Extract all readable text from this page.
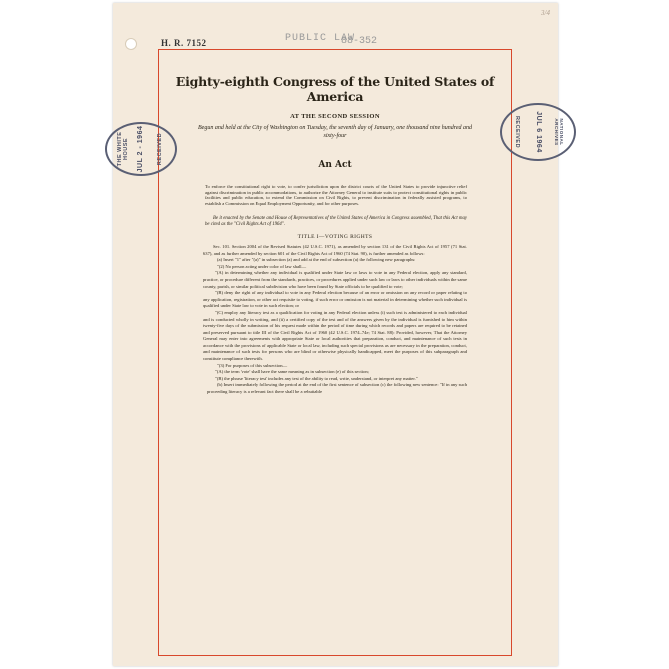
H. R. 7152	PUBLIC LAW
88-352
3/4
Eighty-eighth Congress of the United States of America
AT THE SECOND SESSION
Begun and held at the City of Washington on Tuesday, the seventh day of January, one thousand nine hundred and sixty-four
An Act
To enforce the constitutional right to vote, to confer jurisdiction upon the district courts of the United States to provide injunctive relief against discrimination in public accommodations, to authorize the Attorney General to institute suits to protect constitutional rights in public facilities and public education, to extend the Commission on Civil Rights, to prevent discrimination in federally assisted programs, to establish a Commission on Equal Employment Opportunity, and for other purposes.
Be it enacted by the Senate and House of Representatives of the United States of America in Congress assembled, That this Act may be cited as the "Civil Rights Act of 1964".
TITLE I—VOTING RIGHTS

Sec. 101. Section 2004 of the Revised Statutes (42 U.S.C. 1971), as amended by section 131 of the Civil Rights Act of 1957 (71 Stat. 637), and as further amended by section 601 of the Civil Rights Act of 1960 (74 Stat. 90), is further amended as follows:

(a) Insert "1" after "(a)" in subsection (a) and add at the end of subsection (a) the following new paragraphs:

"(2) No person acting under color of law shall—

"(A) in determining whether any individual is qualified under State law or laws to vote in any Federal election, apply any standard, practice, or procedure different from the standards, practices, or procedures applied under such law or laws to other individuals within the same county, parish, or similar political subdivision who have been found by State officials to be qualified to vote;

"(B) deny the right of any individual to vote in any Federal election because of an error or omission on any record or paper relating to any application, registration, or other act requisite to voting, if such error or omission is not material in determining whether such individual is qualified under State law to vote in such election; or

"(C) employ any literacy test as a qualification for voting in any Federal election unless (i) such test is administered to each individual and is conducted wholly in writing, and (ii) a certified copy of the test and of the answers given by the individual is furnished to him within twenty-five days of the submission of his request made within the period of time during which records and papers are required to be retained and preserved pursuant to title III of the Civil Rights Act of 1960 (42 U.S.C. 1974–74e; 74 Stat. 88): Provided, however, That the Attorney General may enter into agreements with appropriate State or local authorities that preparation, conduct, and maintenance of such tests in accordance with the provisions of applicable State or local law, including such special provisions as are necessary in the preparation, conduct, and maintenance of such tests for persons who are blind or otherwise physically handicapped, meet the purposes of this subparagraph and constitute compliance therewith.

"(3) For purposes of this subsection—

"(A) the term 'vote' shall have the same meaning as in subsection (e) of this section;

"(B) the phrase 'literacy test' includes any test of the ability to read, write, understand, or interpret any matter."

(b) Insert immediately following the period at the end of the first sentence of subsection (c) the following new sentence: "If in any such proceeding literacy is a relevant fact there shall be a rebuttable

THE WHITE HOUSE JUL 2 - 1964 RECEIVED
NATIONAL ARCHIVES
JUL 6 1964
RECEIVED
